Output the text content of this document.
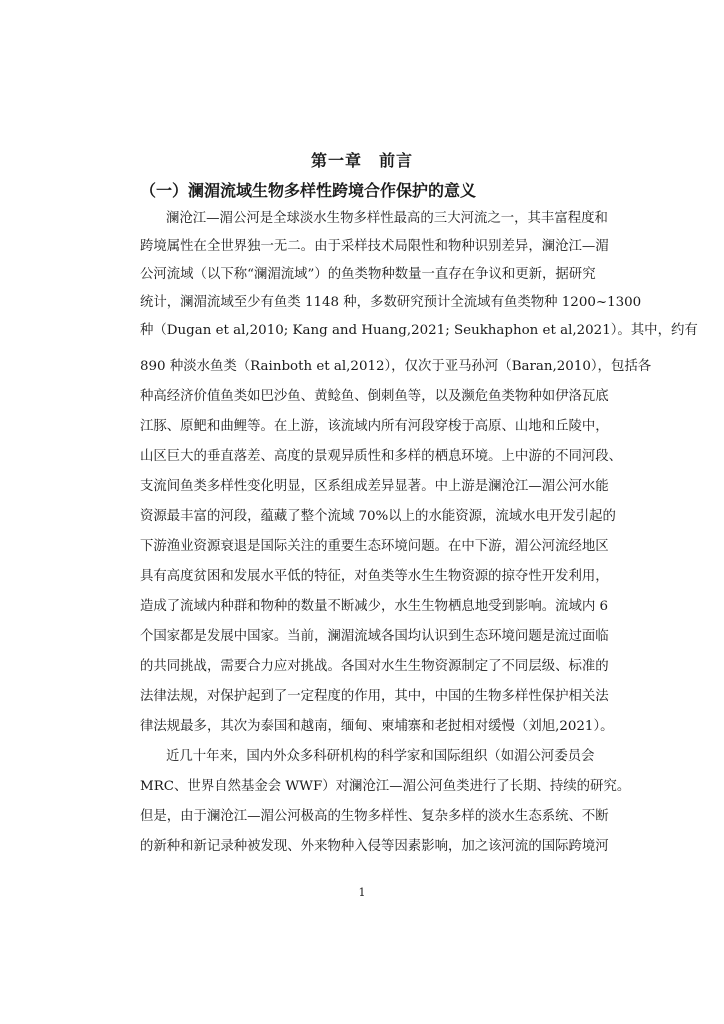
第一章　前言
（一）澜湄流域生物多样性跨境合作保护的意义
澜沧江—湄公河是全球淡水生物多样性最高的三大河流之一，其丰富程度和
跨境属性在全世界独一无二。由于采样技术局限性和物种识别差异，澜沧江—湄
公河流域（以下称“澜湄流域”）的鱼类物种数量一直存在争议和更新，据研究
统计，澜湄流域至少有鱼类 1148 种，多数研究预计全流域有鱼类物种 1200~1300
种（Dugan et al,2010; Kang and Huang,2021; Seukhaphon et al,2021）。其中，约有
890 种淡水鱼类（Rainboth et al,2012），仅次于亚马孙河（Baran,2010），包括各
种高经济价值鱼类如巴沙鱼、黄鲶鱼、倒刺鱼等，以及濒危鱼类物种如伊洛瓦底
江豚、原鲃和曲鲤等。在上游，该流域内所有河段穿梭于高原、山地和丘陵中，
山区巨大的垂直落差、高度的景观异质性和多样的栖息环境。上中游的不同河段、
支流间鱼类多样性变化明显，区系组成差异显著。中上游是澜沧江—湄公河水能
资源最丰富的河段，蕴藏了整个流域 70%以上的水能资源，流域水电开发引起的
下游渔业资源衰退是国际关注的重要生态环境问题。在中下游，湄公河流经地区
具有高度贫困和发展水平低的特征，对鱼类等水生生物资源的掠夺性开发利用，
造成了流域内种群和物种的数量不断减少，水生生物栖息地受到影响。流域内 6
个国家都是发展中国家。当前，澜湄流域各国均认识到生态环境问题是流过面临
的共同挑战，需要合力应对挑战。各国对水生生物资源制定了不同层级、标准的
法律法规，对保护起到了一定程度的作用，其中，中国的生物多样性保护相关法
律法规最多，其次为泰国和越南，缅甸、柬埔寨和老挝相对缓慢（刘旭,2021）。
近几十年来，国内外众多科研机构的科学家和国际组织（如湄公河委员会
MRC、世界自然基金会 WWF）对澜沧江—湄公河鱼类进行了长期、持续的研究。
但是，由于澜沧江—湄公河极高的生物多样性、复杂多样的淡水生态系统、不断
的新种和新记录种被发现、外来物种入侵等因素影响，加之该河流的国际跨境河
1
